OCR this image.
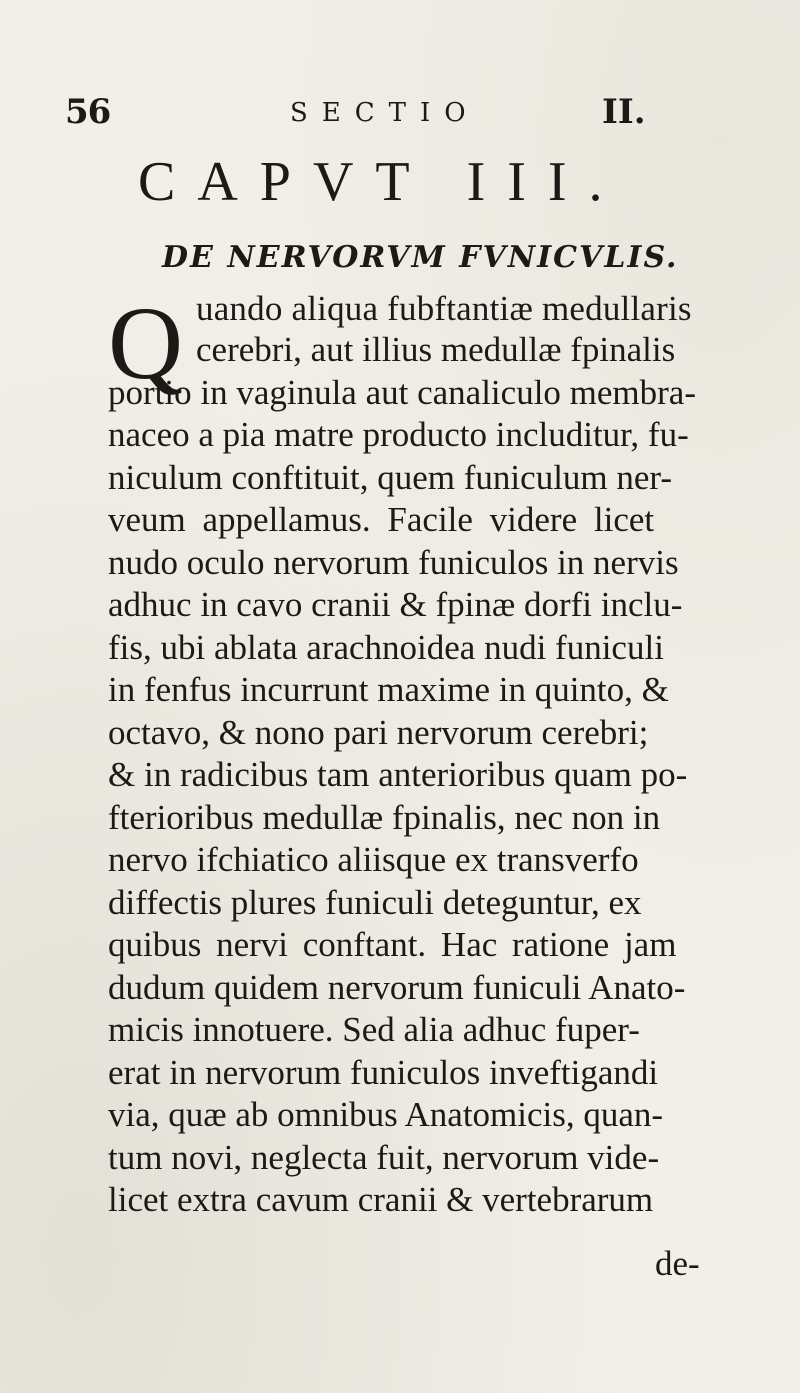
56	SECTIO	II.
CAPVT III.
DE NERVORVM FVNICVLIS.
Q uando aliqua fubftantiæ medullaris
cerebri, aut illius medullæ fpinalis
portio in vaginula aut canaliculo membra-
naceo a pia matre producto includitur, fu-
niculum conftituit, quem funiculum ner-
veum appellamus. Facile videre licet
nudo oculo nervorum funiculos in nervis
adhuc in cavo cranii & fpinæ dorfi inclu-
fis, ubi ablata arachnoidea nudi funiculi
in fenfus incurrunt maxime in quinto, &
octavo, & nono pari nervorum cerebri;
& in radicibus tam anterioribus quam po-
fterioribus medullæ fpinalis, nec non in
nervo ifchiatico aliisque ex transverfo
diffectis plures funiculi deteguntur, ex
quibus nervi conftant. Hac ratione jam
dudum quidem nervorum funiculi Anato-
micis innotuere. Sed alia adhuc fuper-
erat in nervorum funiculos inveftigandi
via, quæ ab omnibus Anatomicis, quan-
tum novi, neglecta fuit, nervorum vide-
licet extra cavum cranii & vertebrarum
de-
